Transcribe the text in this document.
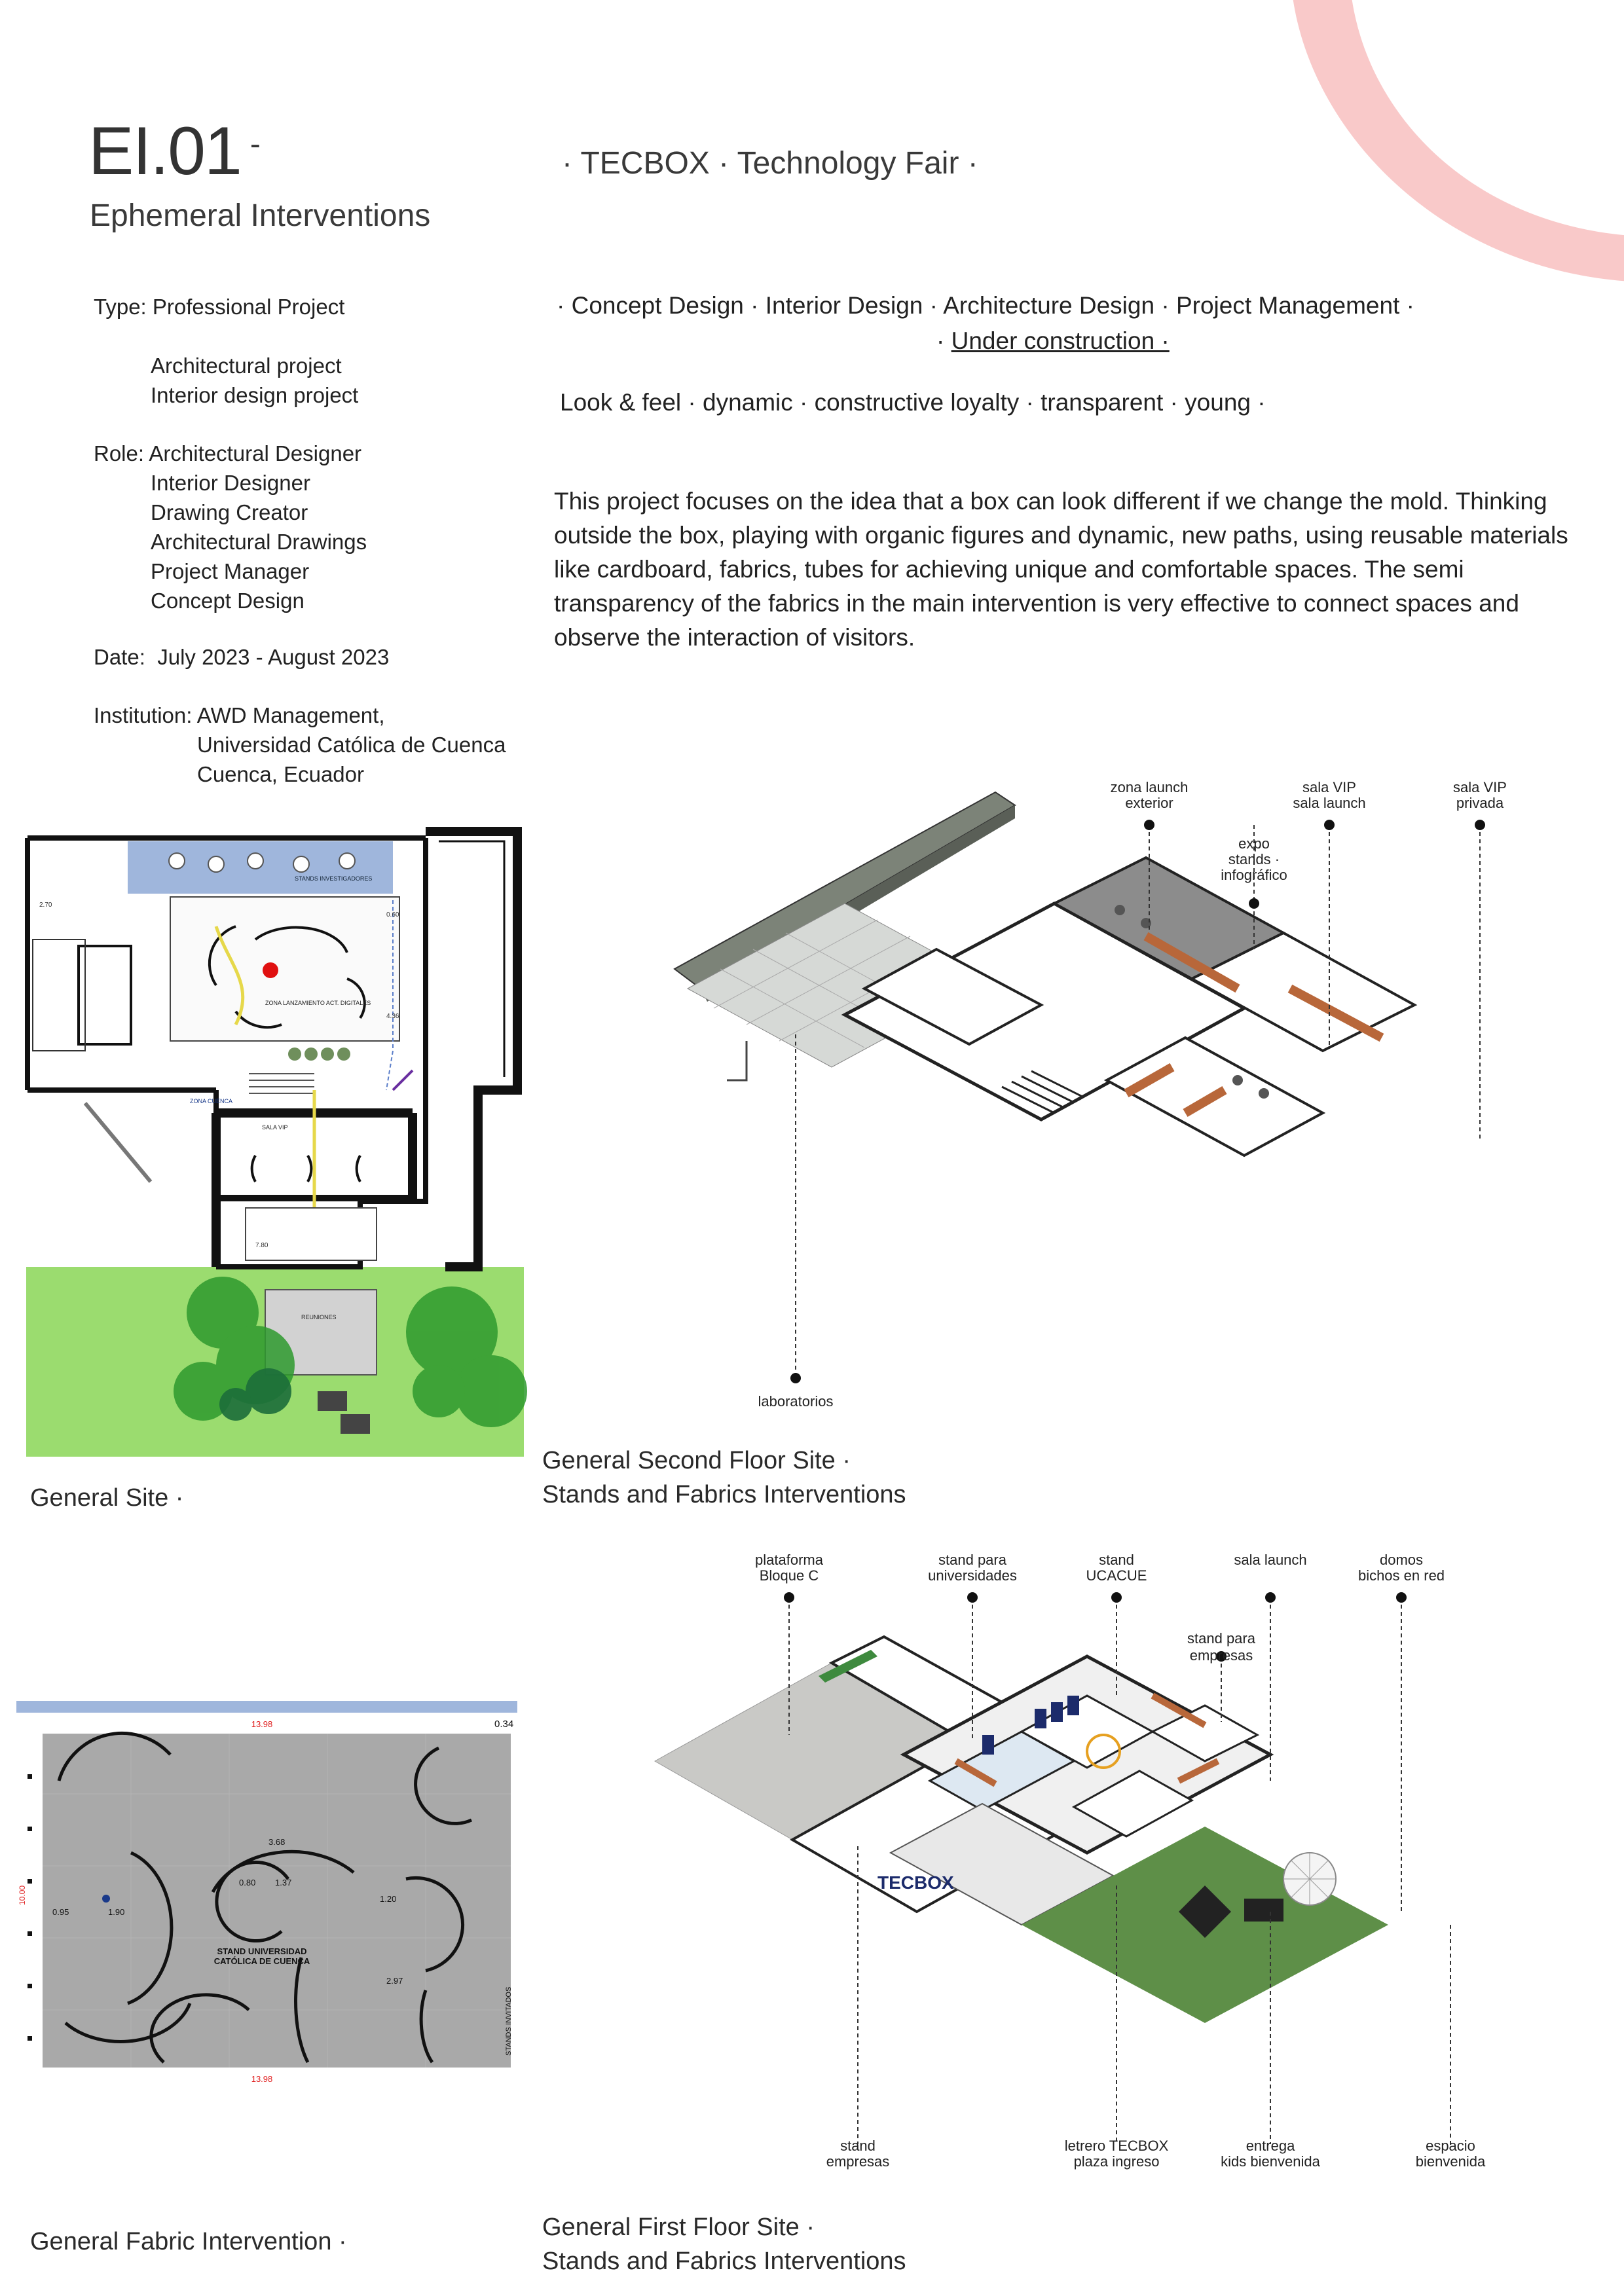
EI.01 -
Ephemeral Interventions
· TECBOX · Technology Fair ·
Type: Professional Project
Architectural project
Interior design project
Role: Architectural Designer
Interior Designer
Drawing Creator
Architectural Drawings
Project Manager
Concept Design
Date: July 2023 - August 2023
Institution: AWD Management,
Universidad Católica de Cuenca
Cuenca, Ecuador
· Concept Design · Interior Design · Architecture Design · Project Management ·
· Under construction ·
Look & feel · dynamic · constructive loyalty · transparent · young ·
This project focuses on the idea that a box can look different if we change the mold. Thinking outside the box, playing with organic figures and dynamic, new paths, using reusable materials like cardboard, fabrics, tubes for achieving unique and comfortable spaces. The semi transparency of the fabrics in the main intervention is very effective to connect spaces and observe the interaction of visitors.
STANDS INVESTIGADORES
ZONA LANZAMIENTO ACT. DIGITALES
ZONA CUENCA
SALA VIP
REUNIONES
7.80
2.70
0.60
4.36
General Site ·
zona launch
exterior
expo
stands ·
infográfico
sala VIP
sala launch
sala VIP
privada
laboratorios
General Second Floor Site ·
Stands and Fabrics Interventions
STAND UNIVERSIDAD
CATÓLICA DE CUENCA
3.68
0.80 1.37
2.97
1.90
1.20
0.95
STANDS INVITADOS
13.98
13.98
0.34
10.00
General Fabric Intervention ·
TECBOX
plataforma
Bloque C
stand para
universidades
stand
UCACUE
sala launch	domos
bichos en red
stand para
stand
empresas
letrero TECBOX
plaza ingreso
entrega
kids bienvenida
espacio
bienvenida
empresas
General First Floor Site ·
Stands and Fabrics Interventions
